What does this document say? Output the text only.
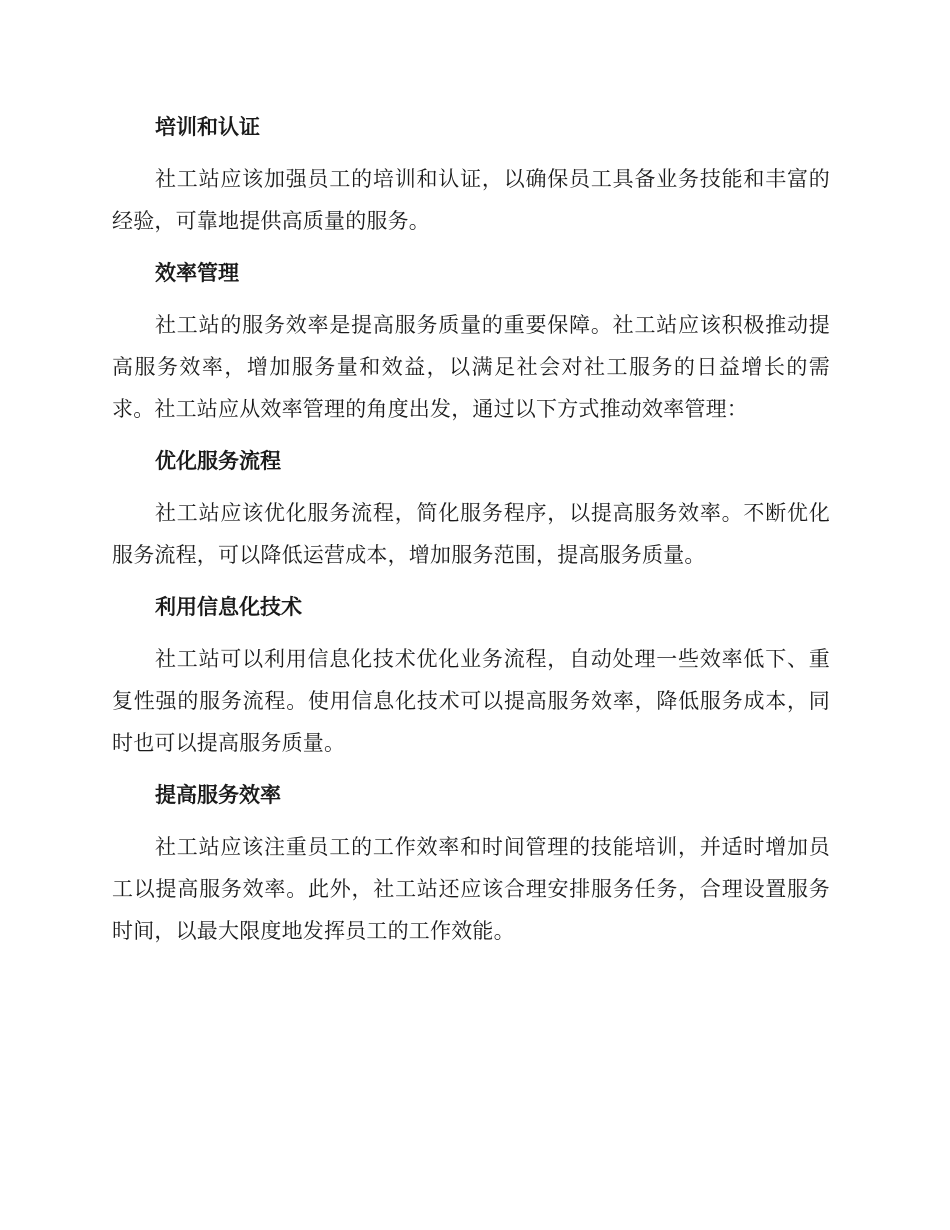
培训和认证

社工站应该加强员工的培训和认证，以确保员工具备业务技能和丰富的经验，可靠地提供高质量的服务。

效率管理

社工站的服务效率是提高服务质量的重要保障。社工站应该积极推动提高服务效率，增加服务量和效益，以满足社会对社工服务的日益增长的需求。社工站应从效率管理的角度出发，通过以下方式推动效率管理：

优化服务流程

社工站应该优化服务流程，简化服务程序，以提高服务效率。不断优化服务流程，可以降低运营成本，增加服务范围，提高服务质量。

利用信息化技术

社工站可以利用信息化技术优化业务流程，自动处理一些效率低下、重复性强的服务流程。使用信息化技术可以提高服务效率，降低服务成本，同时也可以提高服务质量。

提高服务效率

社工站应该注重员工的工作效率和时间管理的技能培训，并适时增加员工以提高服务效率。此外，社工站还应该合理安排服务任务，合理设置服务时间，以最大限度地发挥员工的工作效能。
